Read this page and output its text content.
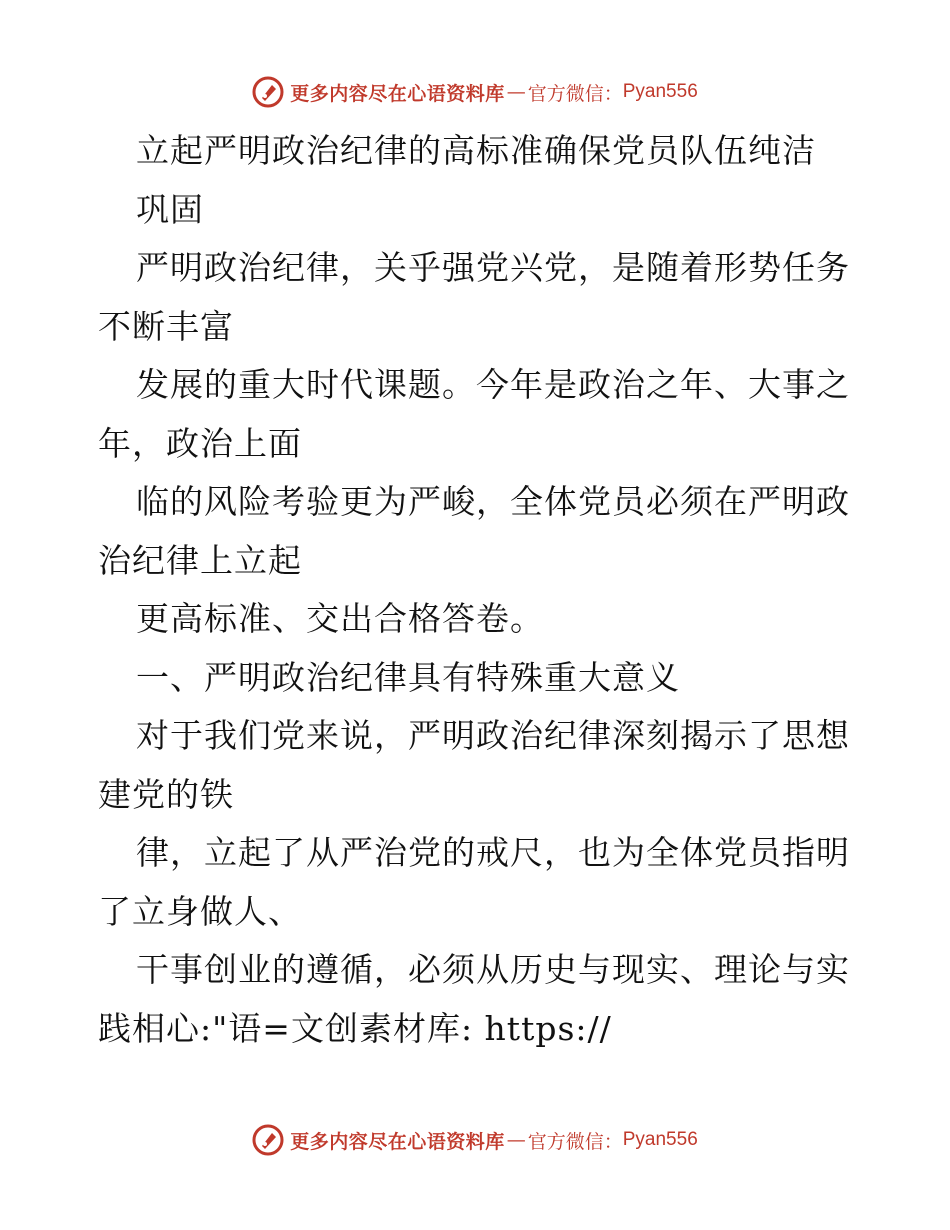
更多内容尽在心语资料库 — 官方微信： Pyan556
立起严明政治纪律的高标准确保党员队伍纯洁
巩固
严明政治纪律，关乎强党兴党，是随着形势任务
不断丰富
发展的重大时代课题。今年是政治之年、大事之
年，政治上面
临的风险考验更为严峻，全体党员必须在严明政
治纪律上立起
更高标准、交出合格答卷。
一、严明政治纪律具有特殊重大意义
对于我们党来说，严明政治纪律深刻揭示了思想
建党的铁
律，立起了从严治党的戒尺，也为全体党员指明
了立身做人、
干事创业的遵循，必须从历史与现实、理论与实
践相心:"语=文创素材库: https://
更多内容尽在心语资料库 — 官方微信： Pyan556
